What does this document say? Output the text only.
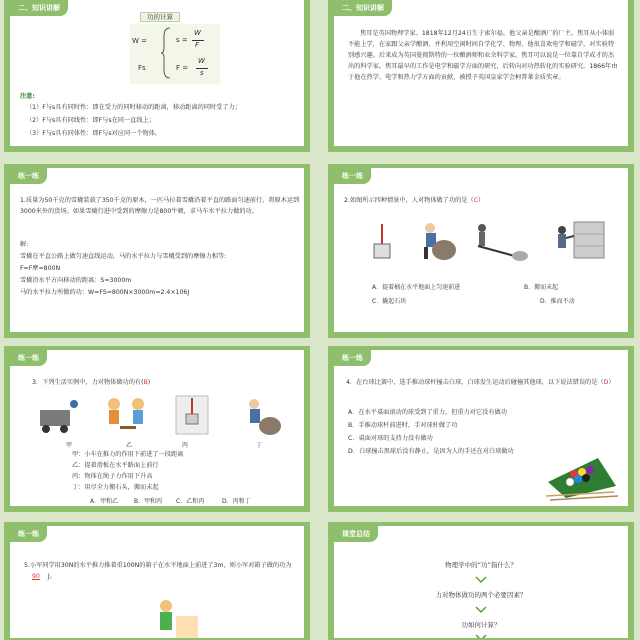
二、知识讲解
功的计算
W =
Fs
s =
W
F
F =
W
s
注意:
（1）F与s具有同时性：即在受力的同时移动的距离，移动距离的同时受了力；
（2）F与s具有同线性：即F与s在同一直线上；
（3）F与s具有同体性：即F与s对应同一个物体。
二、知识讲解
焦耳是英国物理学家。1818年12月24日生于索尔福。他父亲是酿酒厂的厂主。焦耳从小体弱不能上学，在家跟父亲学酿酒，并利用空闲时间自学化学、物理。他很喜欢电学和磁学，对实验特别感兴趣。后来成为英国曼彻斯特的一位酿酒师和业余科学家。焦耳可以说是一位靠自学成才的杰出的科学家。焦耳最早的工作是电学和磁学方面的研究，后转向对功热转化的实验研究。1866年由于他在热学、电学和热力学方面的贡献，被授予英国皇家学会柯普莱金质奖章。
练一练
1.质量为50千克的雪橇装载了350千克的原木，一匹马拉着雪橇沿着平直的路面匀速前行，将原木运到3000米外的货场。如果雪橇行进中受到的摩擦力是800牛顿，求马车水平拉力做的功。
解:
雪橇在平直公路上做匀速直线运动，马的水平拉力与雪橇受到的摩擦力相等:
F=F摩=800N
雪橇沿水平方向移动的距离：S=3000m
马的水平拉力所做的功：W=FS=800N×3000m=2.4×106J
练一练
2.如图所示四种情景中，人对物体做了功的是（C）
A．提着桶在水平地面上匀速前进	B．搬而未起
C．撬起石块	D．推而不动
练一练
3．下列生活实例中，力对物体做功的有(B)
甲	乙	丙	丁
甲：小车在推力的作用下前进了一段距离
乙：提着滑板在水平路面上前行
丙：物体在绳子力作用下升高
丁：用尽全力搬石头，搬而未起
A．甲和乙	B．甲和丙 C．乙和丙	D．丙和丁
练一练
4．在台球比赛中，选手推动球杆撞击白球，白球发生运动后碰撞其他球，以下说法错误的是（D）
A．在水平桌面滚动的球受到了重力，但重力对它没有做功
B．手推动球杆前进时，手对球杆做了功
C．桌面对球的支持力没有做功
D．白球撞击黑球后没有静止，是因为人的手还在对白球做功
练一练
5.小军同学用30N的水平推力推着重100N的箱子在水平地面上前进了3m，则小军对箱子做的功为90 J。
课堂总结
物理学中的“功”指什么？
力对物体做功的两个必要因素？
功如何计算？
